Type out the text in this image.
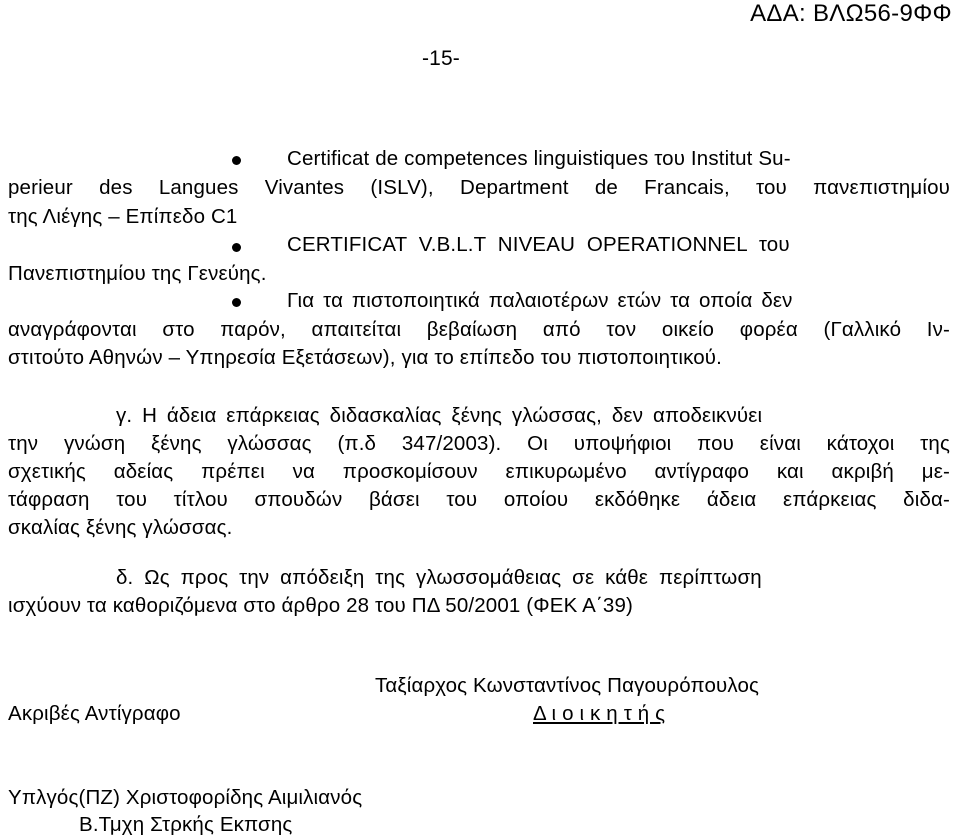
ΑΔΑ: ΒΛΩ56-9ΦΦ
-15-
Certificat de competences linguistiques του Institut Su-
perieur des Langues Vivantes (ISLV), Department de Francais, του πανεπιστημίου
της Λιέγης – Επίπεδο C1
CERTIFICAT V.B.L.T NIVEAU OPERATIONNEL του
Πανεπιστημίου της Γενεύης.
Για τα πιστοποιητικά παλαιοτέρων ετών τα οποία δεν
αναγράφονται στο παρόν, απαιτείται βεβαίωση από τον οικείο φορέα (Γαλλικό Ιν-
στιτούτο Αθηνών – Υπηρεσία Εξετάσεων), για το επίπεδο του πιστοποιητικού.
γ. Η άδεια επάρκειας διδασκαλίας ξένης γλώσσας, δεν αποδεικνύει
την γνώση ξένης γλώσσας (π.δ 347/2003). Οι υποψήφιοι που είναι κάτοχοι της
σχετικής αδείας πρέπει να προσκομίσουν επικυρωμένο αντίγραφο και ακριβή με-
τάφραση του τίτλου σπουδών βάσει του οποίου εκδόθηκε άδεια επάρκειας διδα-
σκαλίας ξένης γλώσσας.
δ. Ως προς την απόδειξη της γλωσσομάθειας σε κάθε περίπτωση
ισχύουν τα καθοριζόμενα στο άρθρο 28 του ΠΔ 50/2001 (ΦΕΚ Α΄39)
Ταξίαρχος Κωνσταντίνος Παγουρόπουλος
Ακριβές Αντίγραφο	Δ ι ο ι κ η τ ή ς
Υπλγός(ΠΖ) Χριστοφορίδης Αιμιλιανός
Β.Τμχη Στρκής Εκπσης
